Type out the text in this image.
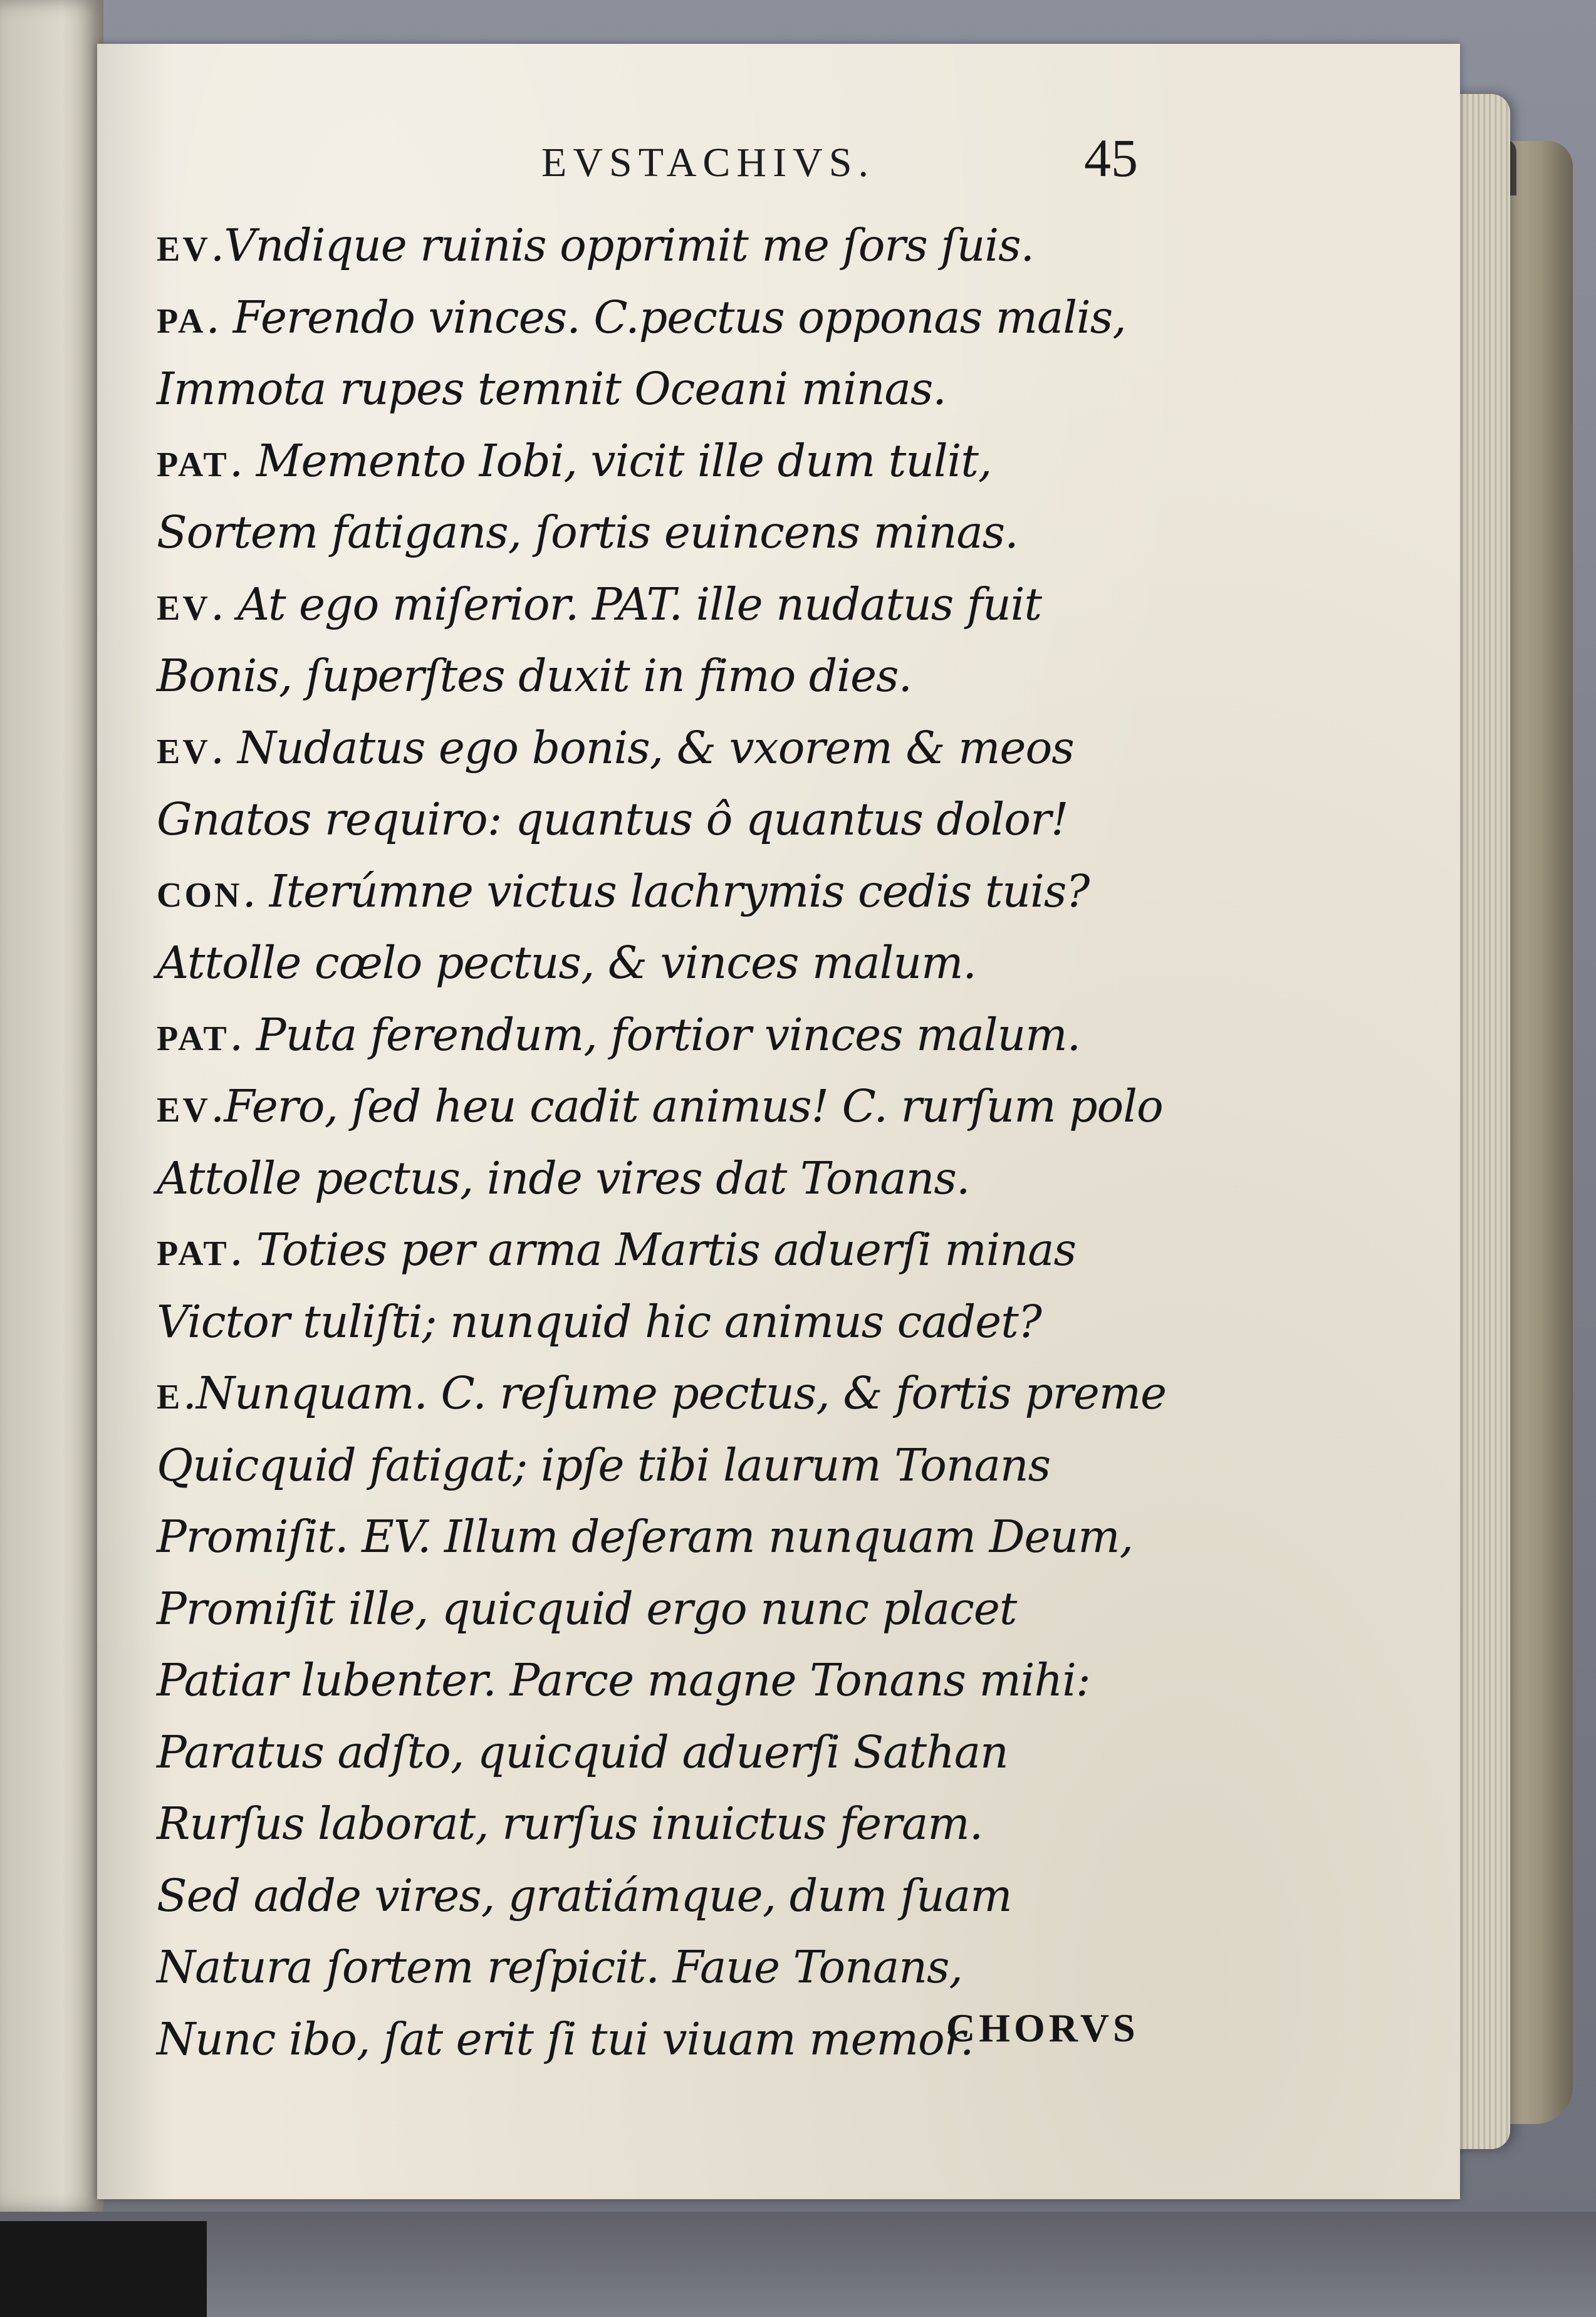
EVSTACHIVS.	45
EV.Vndique ruinis opprimit me ſors ſuis.
PA. Ferendo vinces. C.pectus opponas malis,
Immota rupes temnit Oceani minas.
PAT. Memento Iobi, vicit ille dum tulit,
Sortem fatigans, ſortis euincens minas.
EV. At ego miſerior. PAT. ille nudatus fuit
Bonis, ſuperſtes duxit in fimo dies.
EV. Nudatus ego bonis, & vxorem & meos
Gnatos requiro: quantus ô quantus dolor!
CON. Iterúmne victus lachrymis cedis tuis?
Attolle cœlo pectus, & vinces malum.
PAT. Puta ferendum, fortior vinces malum.
EV.Fero, ſed heu cadit animus! C. rurſum polo
Attolle pectus, inde vires dat Tonans.
PAT. Toties per arma Martis aduerſi minas
Victor tuliſti; nunquid hic animus cadet?
E.Nunquam. C. reſume pectus, & fortis preme
Quicquid fatigat; ipſe tibi laurum Tonans
Promiſit. EV. Illum deſeram nunquam Deum,
Promiſit ille, quicquid ergo nunc placet
Patiar lubenter. Parce magne Tonans mihi:
Paratus adſto, quicquid aduerſi Sathan
Rurſus laborat, rurſus inuictus feram.
Sed adde vires, gratiámque, dum ſuam
Natura ſortem reſpicit. Faue Tonans,
Nunc ibo, ſat erit ſi tui viuam memor.
CHORVS
